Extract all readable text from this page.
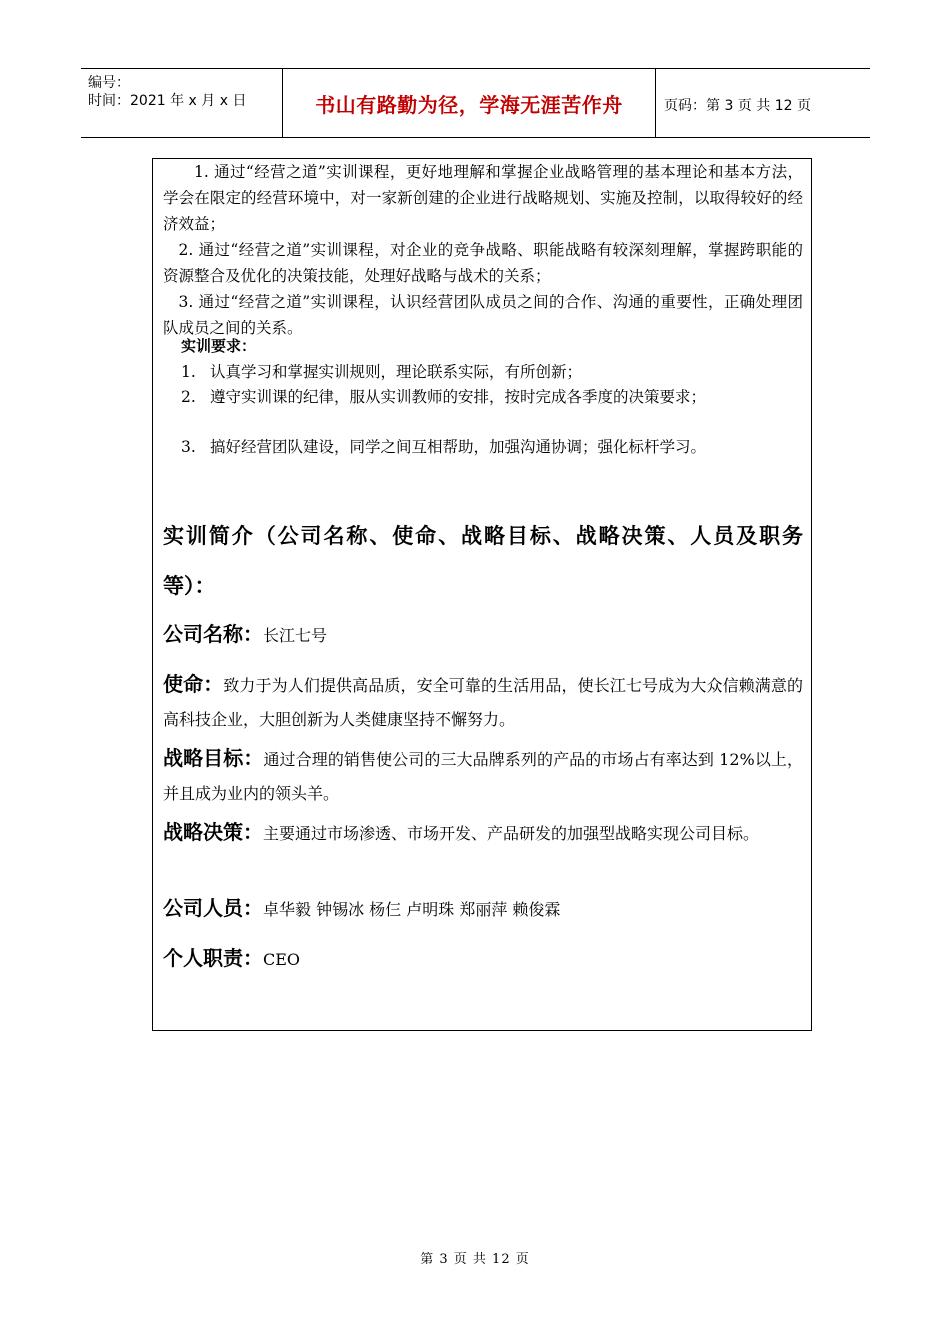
编号：
时间：2021 年 x 月 x 日	书山有路勤为径，学海无涯苦作舟	页码：第 3 页 共 12 页
1. 通过“经营之道”实训课程，更好地理解和掌握企业战略管理的基本理论和基本方法，学会在限定的经营环境中，对一家新创建的企业进行战略规划、实施及控制，以取得较好的经济效益；
2. 通过“经营之道”实训课程，对企业的竞争战略、职能战略有较深刻理解，掌握跨职能的资源整合及优化的决策技能，处理好战略与战术的关系；
3. 通过“经营之道”实训课程，认识经营团队成员之间的合作、沟通的重要性，正确处理团队成员之间的关系。
实训要求：
1. 认真学习和掌握实训规则，理论联系实际，有所创新；
2. 遵守实训课的纪律，服从实训教师的安排，按时完成各季度的决策要求；
3. 搞好经营团队建设，同学之间互相帮助，加强沟通协调；强化标杆学习。
实训简介（公司名称、使命、战略目标、战略决策、人员及职务等）：
公司名称：长江七号
使命：致力于为人们提供高品质，安全可靠的生活用品，使长江七号成为大众信赖满意的高科技企业，大胆创新为人类健康坚持不懈努力。
战略目标：通过合理的销售使公司的三大品牌系列的产品的市场占有率达到 12%以上，并且成为业内的领头羊。
战略决策：主要通过市场渗透、市场开发、产品研发的加强型战略实现公司目标。
公司人员：卓华毅 钟锡冰 杨仨 卢明珠 郑丽萍 赖俊霖
个人职责：CEO
第 3 页 共 12 页
